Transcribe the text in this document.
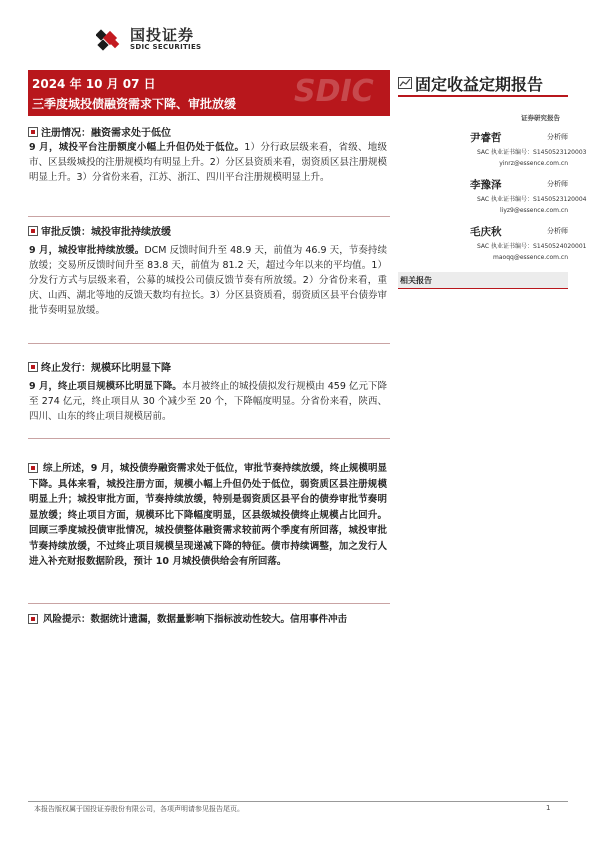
国投证券
SDIC SECURITIES
SDIC
2024 年 10 月 07 日
三季度城投债融资需求下降、审批放缓
固定收益定期报告
证券研究报告
尹睿哲	分析师
SAC 执业证书编号：S1450523120003
yinrz@essence.com.cn
李豫泽	分析师
SAC 执业证书编号：S1450523120004
liyz9@essence.com.cn
毛庆秋	分析师
SAC 执业证书编号：S1450524020001
maoqq@essence.com.cn
相关报告
注册情况：融资需求处于低位
9 月，城投平台注册额度小幅上升但仍处于低位。1）分行政层级来看，省级、地级市、区县级城投的注册规模均有明显上升。2）分区县资质来看，弱资质区县注册规模明显上升。3）分省份来看，江苏、浙江、四川平台注册规模明显上升。
审批反馈：城投审批持续放缓
9 月，城投审批持续放缓。DCM 反馈时间升至 48.9 天，前值为 46.9 天，节奏持续放缓；交易所反馈时间升至 83.8 天，前值为 81.2 天，超过今年以来的平均值。1）分发行方式与层级来看，公募的城投公司债反馈节奏有所放缓。2）分省份来看，重庆、山西、湖北等地的反馈天数均有拉长。3）分区县资质看，弱资质区县平台债券审批节奏明显放缓。
终止发行：规模环比明显下降
9 月，终止项目规模环比明显下降。本月被终止的城投债拟发行规模由 459 亿元下降至 274 亿元，终止项目从 30 个减少至 20 个，下降幅度明显。分省份来看，陕西、四川、山东的终止项目规模居前。
综上所述，9 月，城投债券融资需求处于低位，审批节奏持续放缓，终止规模明显下降。具体来看，城投注册方面，规模小幅上升但仍处于低位，弱资质区县注册规模明显上升；城投审批方面，节奏持续放缓，特别是弱资质区县平台的债券审批节奏明显放缓；终止项目方面，规模环比下降幅度明显，区县级城投债终止规模占比回升。回顾三季度城投债审批情况，城投债整体融资需求较前两个季度有所回落，城投审批节奏持续放缓，不过终止项目规模呈现递减下降的特征。债市持续调整，加之发行人进入补充财报数据阶段，预计 10 月城投债供给会有所回落。
风险提示：数据统计遗漏，数据量影响下指标波动性较大。信用事件冲击
本报告版权属于国投证券股份有限公司，各项声明请参见报告尾页。	1
